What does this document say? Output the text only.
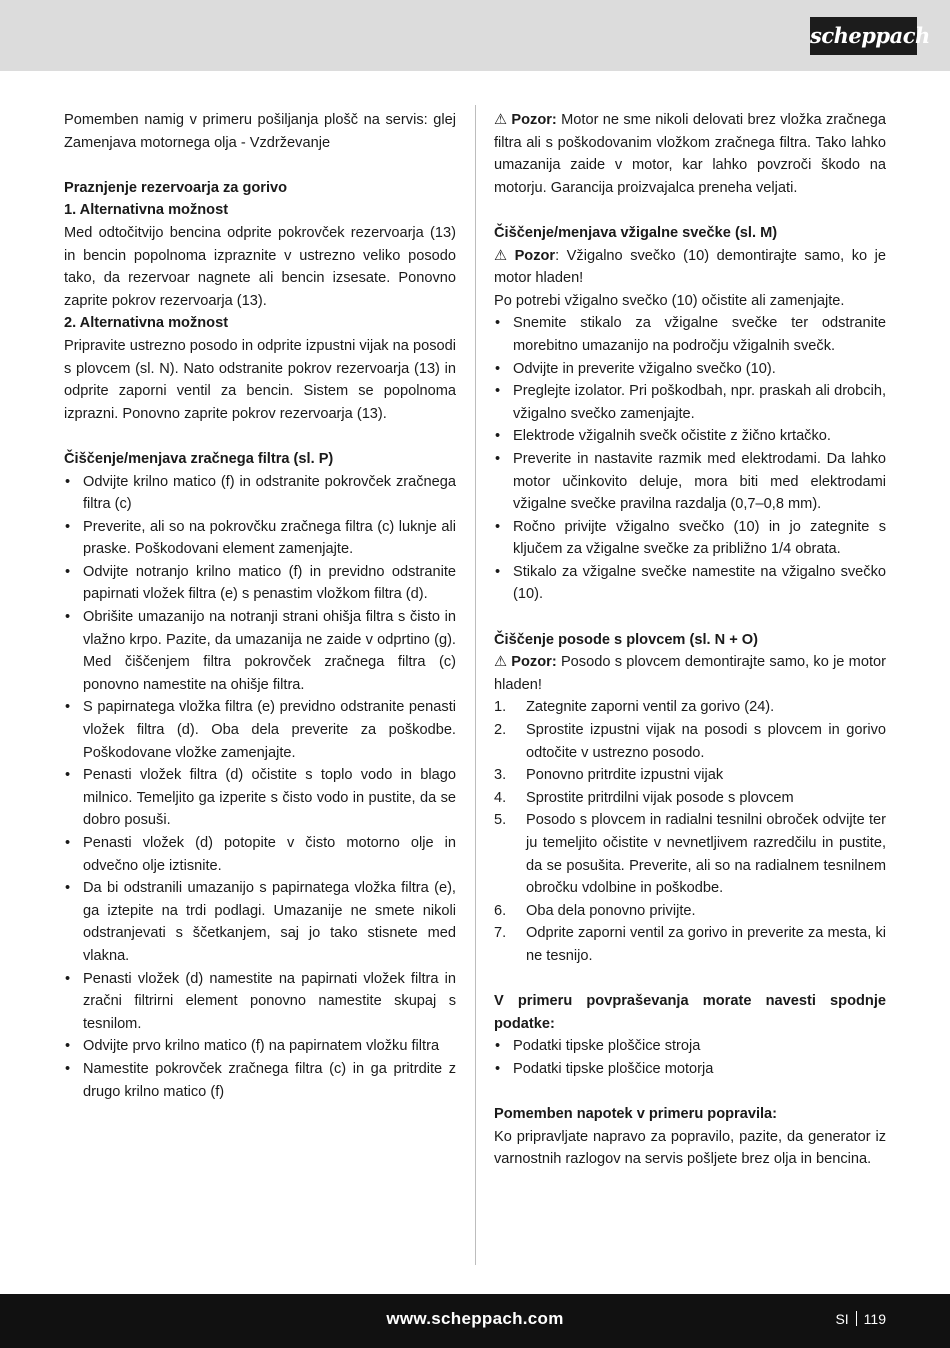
scheppach

Pomemben namig v primeru pošiljanja plošč na servis: glej Zamenjava motornega olja - Vzdrževanje

Praznjenje rezervoarja za gorivo

1. Alternativna možnost

Med odtočitvijo bencina odprite pokrovček rezervoarja (13) in bencin popolnoma izpraznite v ustrezno veliko posodo tako, da rezervoar nagnete ali bencin izsesate. Ponovno zaprite pokrov rezervoarja (13).

2. Alternativna možnost

Pripravite ustrezno posodo in odprite izpustni vijak na posodi s plovcem (sl. N). Nato odstranite pokrov rezervoarja (13) in odprite zaporni ventil za bencin. Sistem se popolnoma izprazni. Ponovno zaprite pokrov rezervoarja (13).

Čiščenje/menjava zračnega filtra (sl. P)

• Odvijte krilno matico (f) in odstranite pokrovček zračnega filtra (c)
• Preverite, ali so na pokrovčku zračnega filtra (c) luknje ali praske. Poškodovani element zamenjajte.
• Odvijte notranjo krilno matico (f) in previdno odstranite papirnati vložek filtra (e) s penastim vložkom filtra (d).
• Obrišite umazanijo na notranji strani ohišja filtra s čisto in vlažno krpo. Pazite, da umazanija ne zaide v odprtino (g). Med čiščenjem filtra pokrovček zračnega filtra (c) ponovno namestite na ohišje filtra.
• S papirnatega vložka filtra (e) previdno odstranite penasti vložek filtra (d). Oba dela preverite za poškodbe. Poškodovane vložke zamenjajte.
• Penasti vložek filtra (d) očistite s toplo vodo in blago milnico. Temeljito ga izperite s čisto vodo in pustite, da se dobro posuši.
• Penasti vložek (d) potopite v čisto motorno olje in odvečno olje iztisnite.
• Da bi odstranili umazanijo s papirnatega vložka filtra (e), ga iztepite na trdi podlagi. Umazanije ne smete nikoli odstranjevati s ščetkanjem, saj jo tako stisnete med vlakna.
• Penasti vložek (d) namestite na papirnati vložek filtra in zračni filtrirni element ponovno namestite skupaj s tesnilom.
• Odvijte prvo krilno matico (f) na papirnatem vložku filtra
• Namestite pokrovček zračnega filtra (c) in ga pritrdite z drugo krilno matico (f)

⚠ Pozor: Motor ne sme nikoli delovati brez vložka zračnega filtra ali s poškodovanim vložkom zračnega filtra. Tako lahko umazanija zaide v motor, kar lahko povzroči škodo na motorju. Garancija proizvajalca preneha veljati.

Čiščenje/menjava vžigalne svečke (sl. M)

⚠ Pozor: Vžigalno svečko (10) demontirajte samo, ko je motor hladen!

Po potrebi vžigalno svečko (10) očistite ali zamenjajte.

• Snemite stikalo za vžigalne svečke ter odstranite morebitno umazanijo na področju vžigalnih svečk.
• Odvijte in preverite vžigalno svečko (10).
• Preglejte izolator. Pri poškodbah, npr. praskah ali drobcih, vžigalno svečko zamenjajte.
• Elektrode vžigalnih svečk očistite z žično krtačko.
• Preverite in nastavite razmik med elektrodami. Da lahko motor učinkovito deluje, mora biti med elektrodami vžigalne svečke pravilna razdalja (0,7–0,8 mm).
• Ročno privijte vžigalno svečko (10) in jo zategnite s ključem za vžigalne svečke za približno 1/4 obrata.
• Stikalo za vžigalne svečke namestite na vžigalno svečko (10).

Čiščenje posode s plovcem (sl. N + O)

⚠ Pozor: Posodo s plovcem demontirajte samo, ko je motor hladen!

1. Zategnite zaporni ventil za gorivo (24).
2. Sprostite izpustni vijak na posodi s plovcem in gorivo odtočite v ustrezno posodo.
3. Ponovno pritrdite izpustni vijak
4. Sprostite pritrdilni vijak posode s plovcem
5. Posodo s plovcem in radialni tesnilni obroček odvijte ter ju temeljito očistite v nevnetljivem razredčilu in pustite, da se posušita. Preverite, ali so na radialnem tesnilnem obročku vdolbine in poškodbe.
6. Oba dela ponovno privijte.
7. Odprite zaporni ventil za gorivo in preverite za mesta, ki ne tesnijo.

V primeru povpraševanja morate navesti spodnje podatke:

• Podatki tipske ploščice stroja
• Podatki tipske ploščice motorja

Pomemben napotek v primeru popravila:

Ko pripravljate napravo za popravilo, pazite, da generator iz varnostnih razlogov na servis pošljete brez olja in bencina.

www.scheppach.com	SI 119
